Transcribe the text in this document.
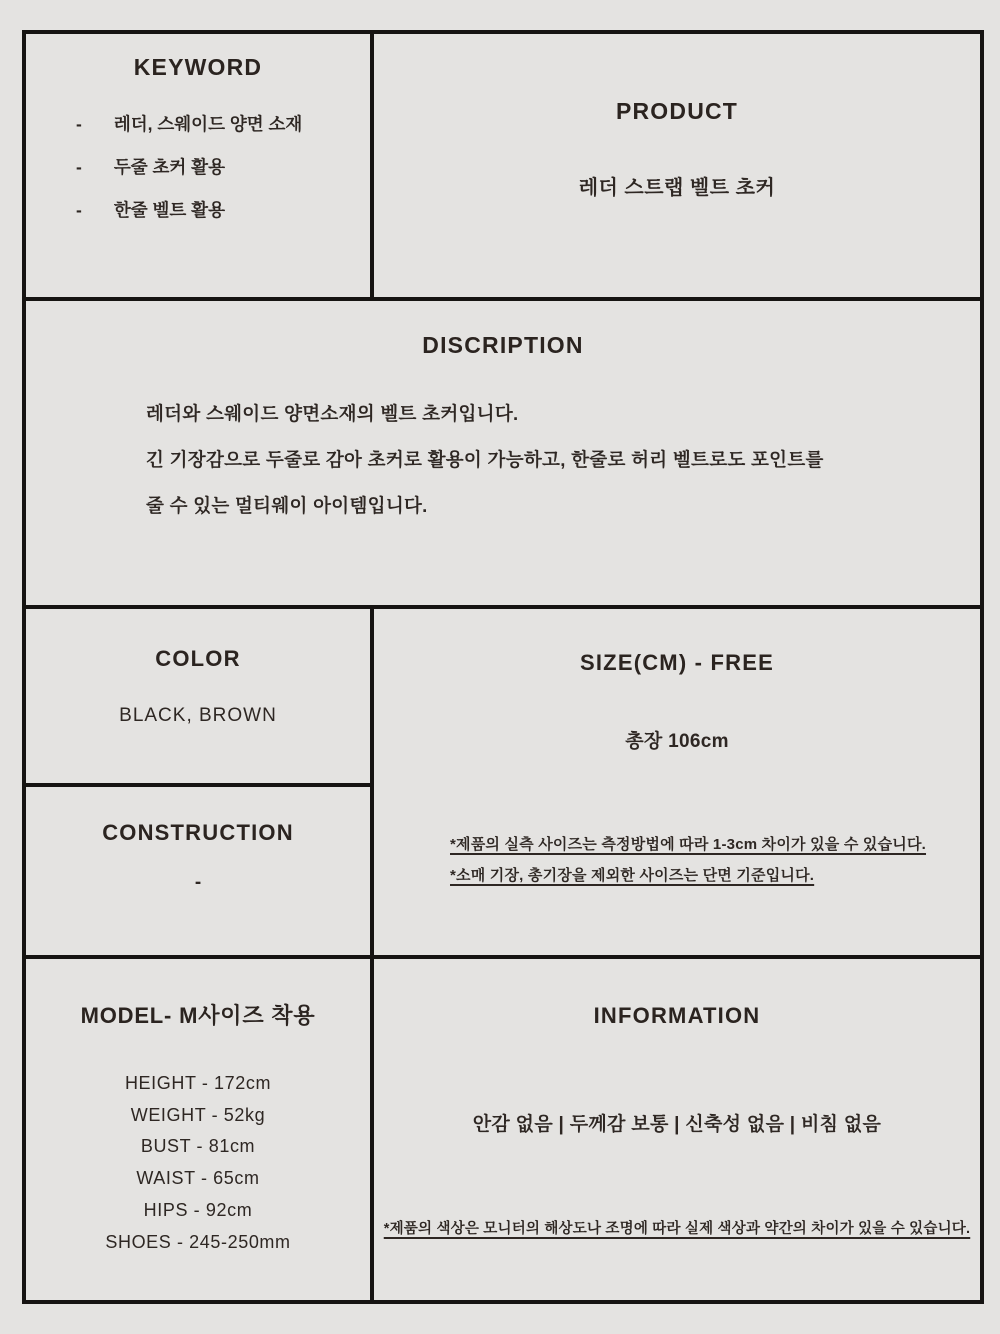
KEYWORD
- 레더, 스웨이드 양면 소재
- 두줄 초커 활용
- 한줄 벨트 활용

PRODUCT
레더 스트랩 벨트 초커

DISCRIPTION
레더와 스웨이드 양면소재의 벨트 초커입니다.
긴 기장감으로 두줄로 감아 초커로 활용이 가능하고, 한줄로 허리 벨트로도 포인트를
줄 수 있는 멀티웨이 아이템입니다.	

COLOR
BLACK, BROWN

SIZE(CM) - FREE
총장 106cm
*제품의 실측 사이즈는 측정방법에 따라 1-3cm 차이가 있을 수 있습니다.
*소매 기장, 총기장을 제외한 사이즈는 단면 기준입니다.

CONSTRUCTION
-	

MODEL- M사이즈 착용
HEIGHT - 172cm
WEIGHT - 52kg
BUST - 81cm
WAIST - 65cm
HIPS - 92cm
SHOES - 245-250mm

INFORMATION
안감 없음 | 두께감 보통 | 신축성 없음 | 비침 없음
*제품의 색상은 모니터의 해상도나 조명에 따라 실제 색상과 약간의 차이가 있을 수 있습니다.
